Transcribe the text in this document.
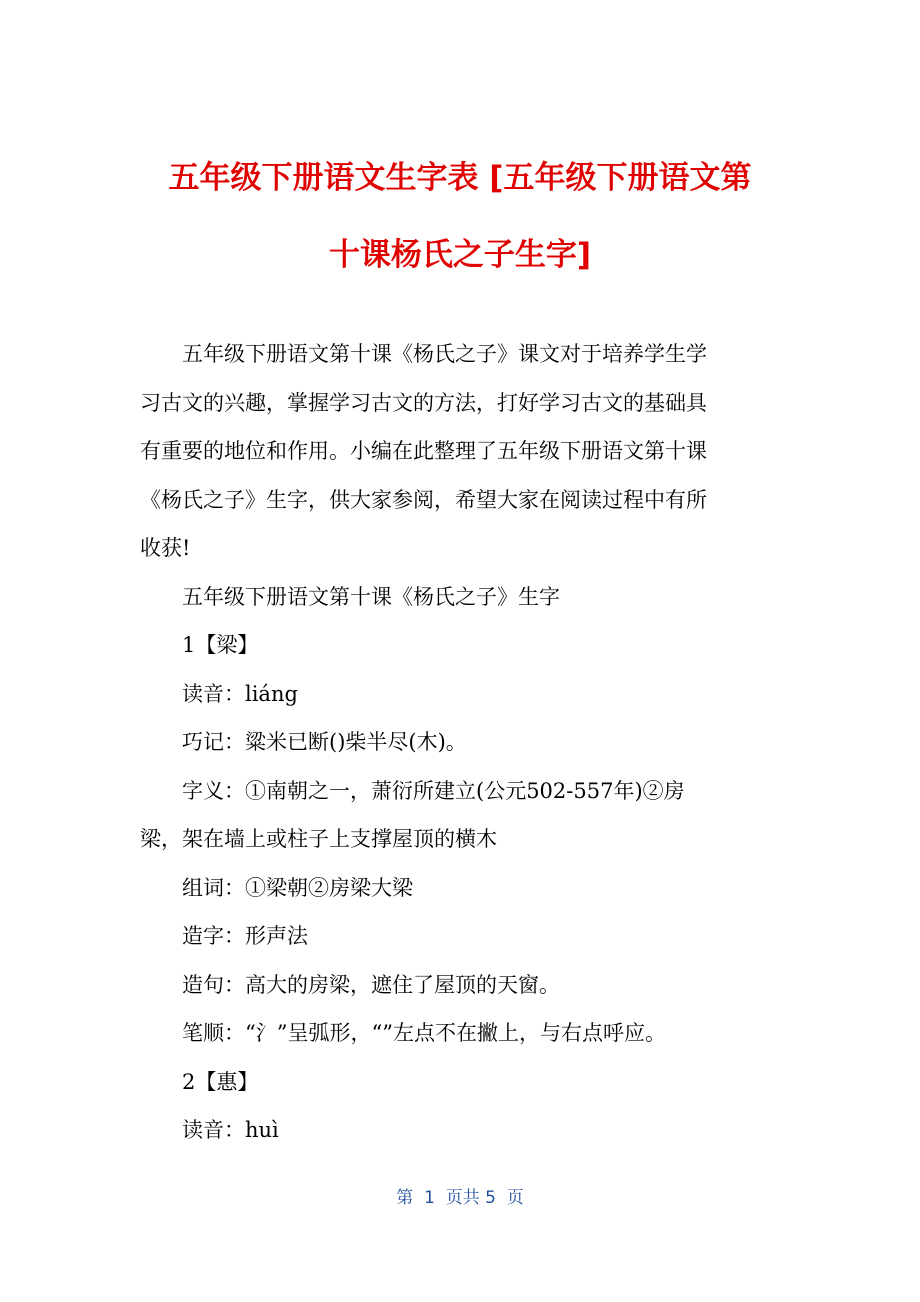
五年级下册语文生字表 [五年级下册语文第
十课杨氏之子生字]

五年级下册语文第十课《杨氏之子》课文对于培养学生学

习古文的兴趣，掌握学习古文的方法，打好学习古文的基础具

有重要的地位和作用。小编在此整理了五年级下册语文第十课

《杨氏之子》生字，供大家参阅，希望大家在阅读过程中有所

收获!

五年级下册语文第十课《杨氏之子》生字

1【梁】

读音：liáng

巧记：粱米已断()柴半尽(木)。

字义：①南朝之一，萧衍所建立(公元502-557年)②房

梁，架在墙上或柱子上支撑屋顶的横木

组词：①梁朝②房梁大梁

造字：形声法

造句：高大的房梁，遮住了屋顶的天窗。

笔顺：“氵”呈弧形，“”左点不在撇上，与右点呼应。

2【惠】

读音：huì

第  1  页共 5  页
